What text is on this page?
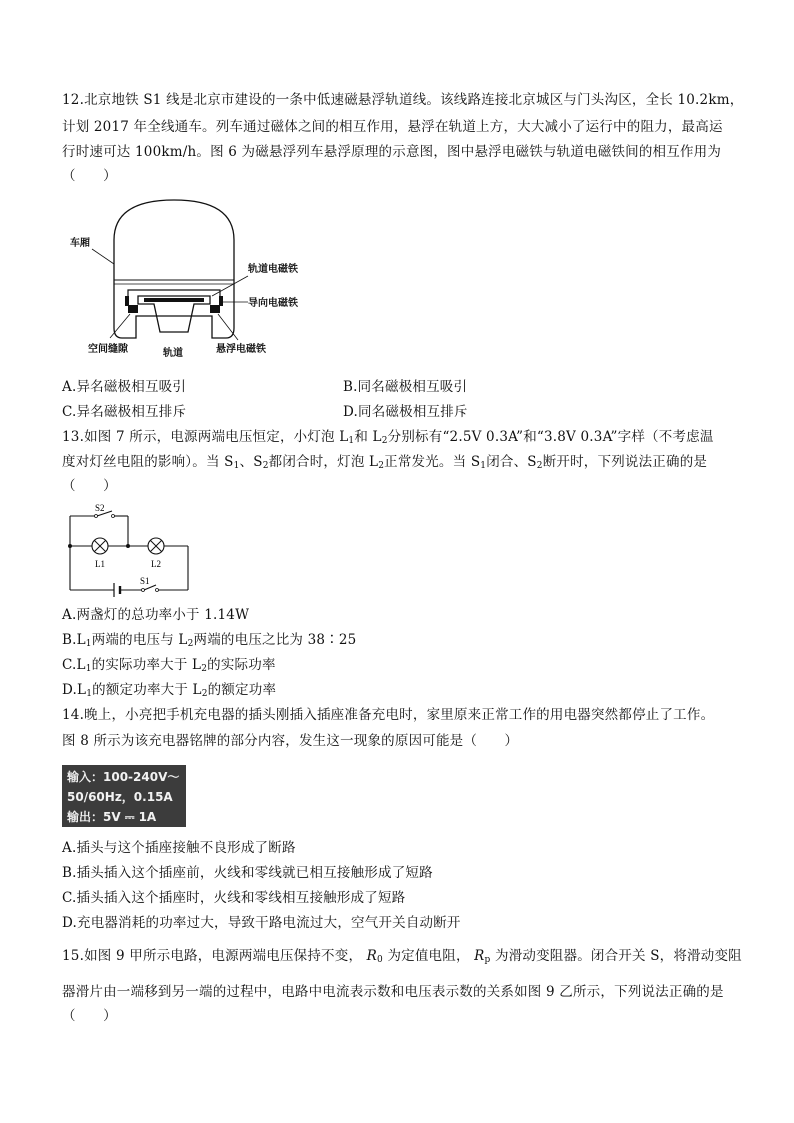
12.北京地铁 S1 线是北京市建设的一条中低速磁悬浮轨道线。该线路连接北京城区与门头沟区，全长 10.2km，
计划 2017 年全线通车。列车通过磁体之间的相互作用，悬浮在轨道上方，大大减小了运行中的阻力，最高运
行时速可达 100km/h。图 6 为磁悬浮列车悬浮原理的示意图，图中悬浮电磁铁与轨道电磁铁间的相互作用为
（　　）
车厢
轨道电磁铁
导向电磁铁
空间缝隙	轨道	悬浮电磁铁
A.异名磁极相互吸引	B.同名磁极相互吸引
C.异名磁极相互排斥	D.同名磁极相互排斥
13.如图 7 所示，电源两端电压恒定，小灯泡 $L_1$和 $L_2$分别标有“2.5V 0.3A”和“3.8V 0.3A”字样（不考虑温
度对灯丝电阻的影响）。当 $S_1$、$S_2$都闭合时，灯泡 $L_2$正常发光。当 $S_1$闭合、$S_2$断开时，下列说法正确的是
（　　）
S2
S1
L1	L2
A.两盏灯的总功率小于 1.14W
$B.L_1$两端的电压与 $L_2$两端的电压之比为 38∶25
$C.L_1$的实际功率大于 $L_2$的实际功率
$D.L_1$的额定功率大于 $L_2$的额定功率
14.晚上，小亮把手机充电器的插头刚插入插座准备充电时，家里原来正常工作的用电器突然都停止了工作。
图 8 所示为该充电器铭牌的部分内容，发生这一现象的原因可能是（　　）
输入：100-240V～
50/60Hz，0.15A
输出：5V ⎓ 1A
A.插头与这个插座接触不良形成了断路
B.插头插入这个插座前，火线和零线就已相互接触形成了短路
C.插头插入这个插座时，火线和零线相互接触形成了短路
D.充电器消耗的功率过大，导致干路电流过大，空气开关自动断开
15.如图 9 甲所示电路，电源两端电压保持不变， $R_0$ 为定值电阻， $R_p$ 为滑动变阻器。闭合开关 S，将滑动变阻
器滑片由一端移到另一端的过程中，电路中电流表示数和电压表示数的关系如图 9 乙所示，下列说法正确的是
（　　）
